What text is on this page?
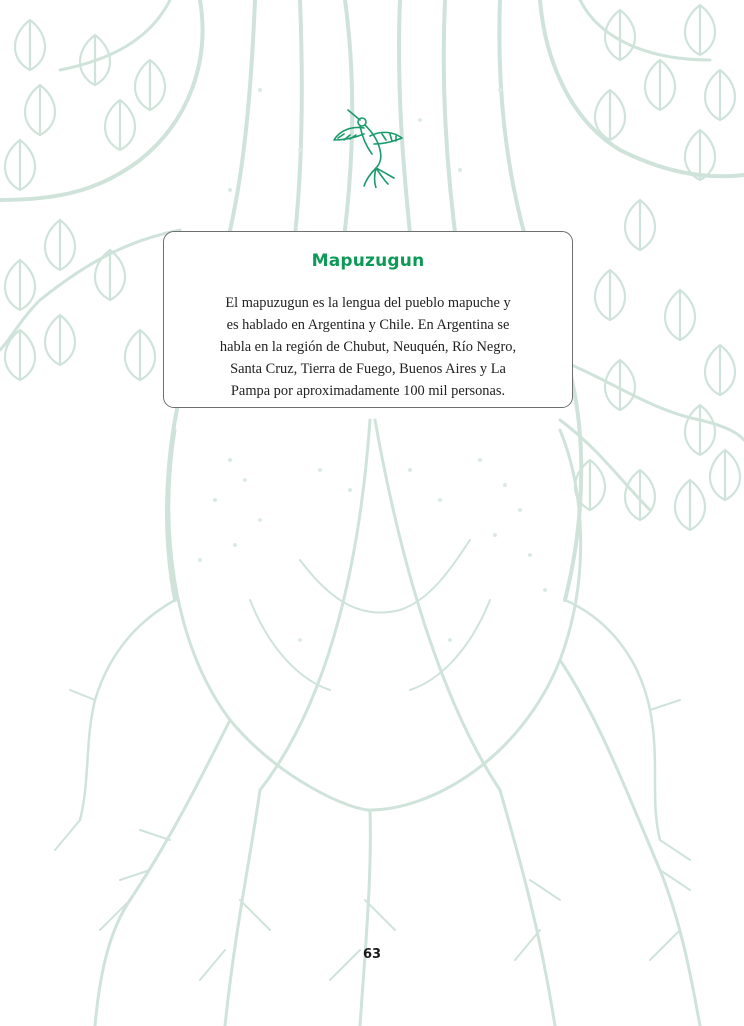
Mapuzugun

El mapuzugun es la lengua del pueblo mapuche y
es hablado en Argentina y Chile. En Argentina se
habla en la región de Chubut, Neuquén, Río Negro,
Santa Cruz, Tierra de Fuego, Buenos Aires y La
Pampa por aproximadamente 100 mil personas.

63
